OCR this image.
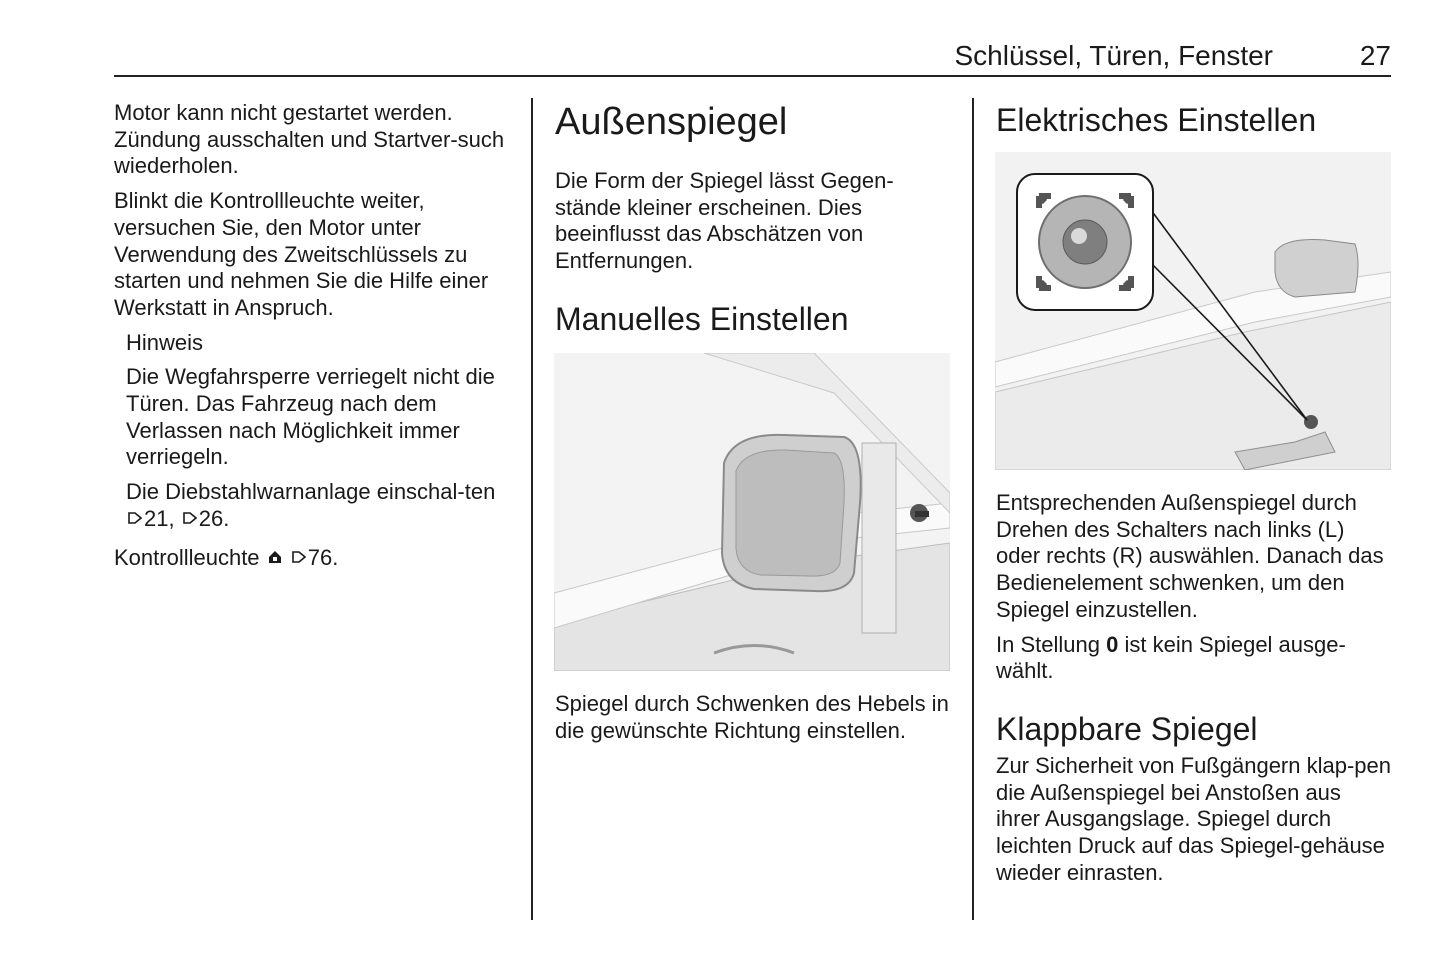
Schlüssel, Türen, Fenster	27

Motor kann nicht gestartet werden. Zündung ausschalten und Startver-such wiederholen.

Blinkt die Kontrollleuchte weiter, versuchen Sie, den Motor unter Verwendung des Zweitschlüssels zu starten und nehmen Sie die Hilfe einer Werkstatt in Anspruch.

Hinweis

Die Wegfahrsperre verriegelt nicht die Türen. Das Fahrzeug nach dem Verlassen nach Möglichkeit immer verriegeln.

Die Diebstahlwarnanlage einschal-ten 21, 26.

Kontrollleuchte 76.

Außenspiegel

Die Form der Spiegel lässt Gegen-stände kleiner erscheinen. Dies beeinflusst das Abschätzen von Entfernungen.

Manuelles Einstellen

Spiegel durch Schwenken des Hebels in die gewünschte Richtung einstellen.

Elektrisches Einstellen

Entsprechenden Außenspiegel durch Drehen des Schalters nach links (L) oder rechts (R) auswählen. Danach das Bedienelement schwenken, um den Spiegel einzustellen.

In Stellung 0 ist kein Spiegel ausge-wählt.

Klappbare Spiegel

Zur Sicherheit von Fußgängern klap-pen die Außenspiegel bei Anstoßen aus ihrer Ausgangslage. Spiegel durch leichten Druck auf das Spiegel-gehäuse wieder einrasten.
